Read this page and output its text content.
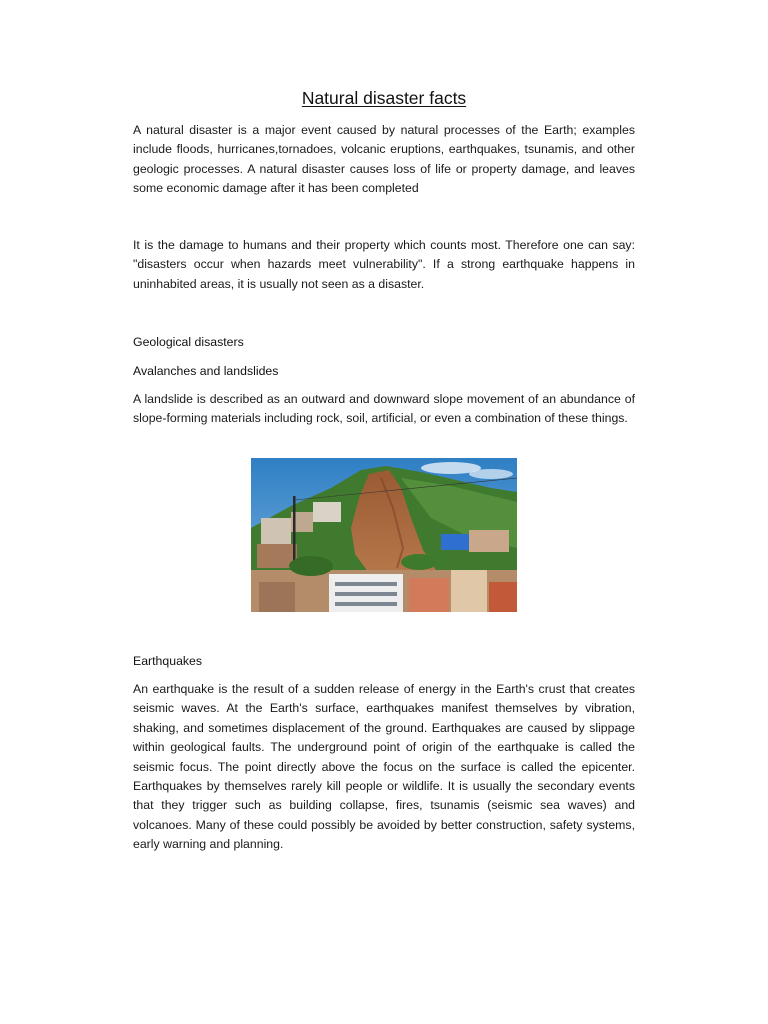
Natural disaster facts

A natural disaster is a major event caused by natural processes of the Earth; examples include floods, hurricanes,tornadoes, volcanic eruptions, earthquakes, tsunamis, and other geologic processes. A natural disaster causes loss of life or property damage, and leaves some economic damage after it has been completed

It is the damage to humans and their property which counts most. Therefore one can say: "disasters occur when hazards meet vulnerability". If a strong earthquake happens in uninhabited areas, it is usually not seen as a disaster.

Geological disasters

Avalanches and landslides

A landslide is described as an outward and downward slope movement of an abundance of slope-forming materials including rock, soil, artificial, or even a combination of these things.

Earthquakes

An earthquake is the result of a sudden release of energy in the Earth's crust that creates seismic waves. At the Earth's surface, earthquakes manifest themselves by vibration, shaking, and sometimes displacement of the ground. Earthquakes are caused by slippage within geological faults. The underground point of origin of the earthquake is called the seismic focus. The point directly above the focus on the surface is called the epicenter. Earthquakes by themselves rarely kill people or wildlife. It is usually the secondary events that they trigger such as building collapse, fires, tsunamis (seismic sea waves) and volcanoes. Many of these could possibly be avoided by better construction, safety systems, early warning and planning.
